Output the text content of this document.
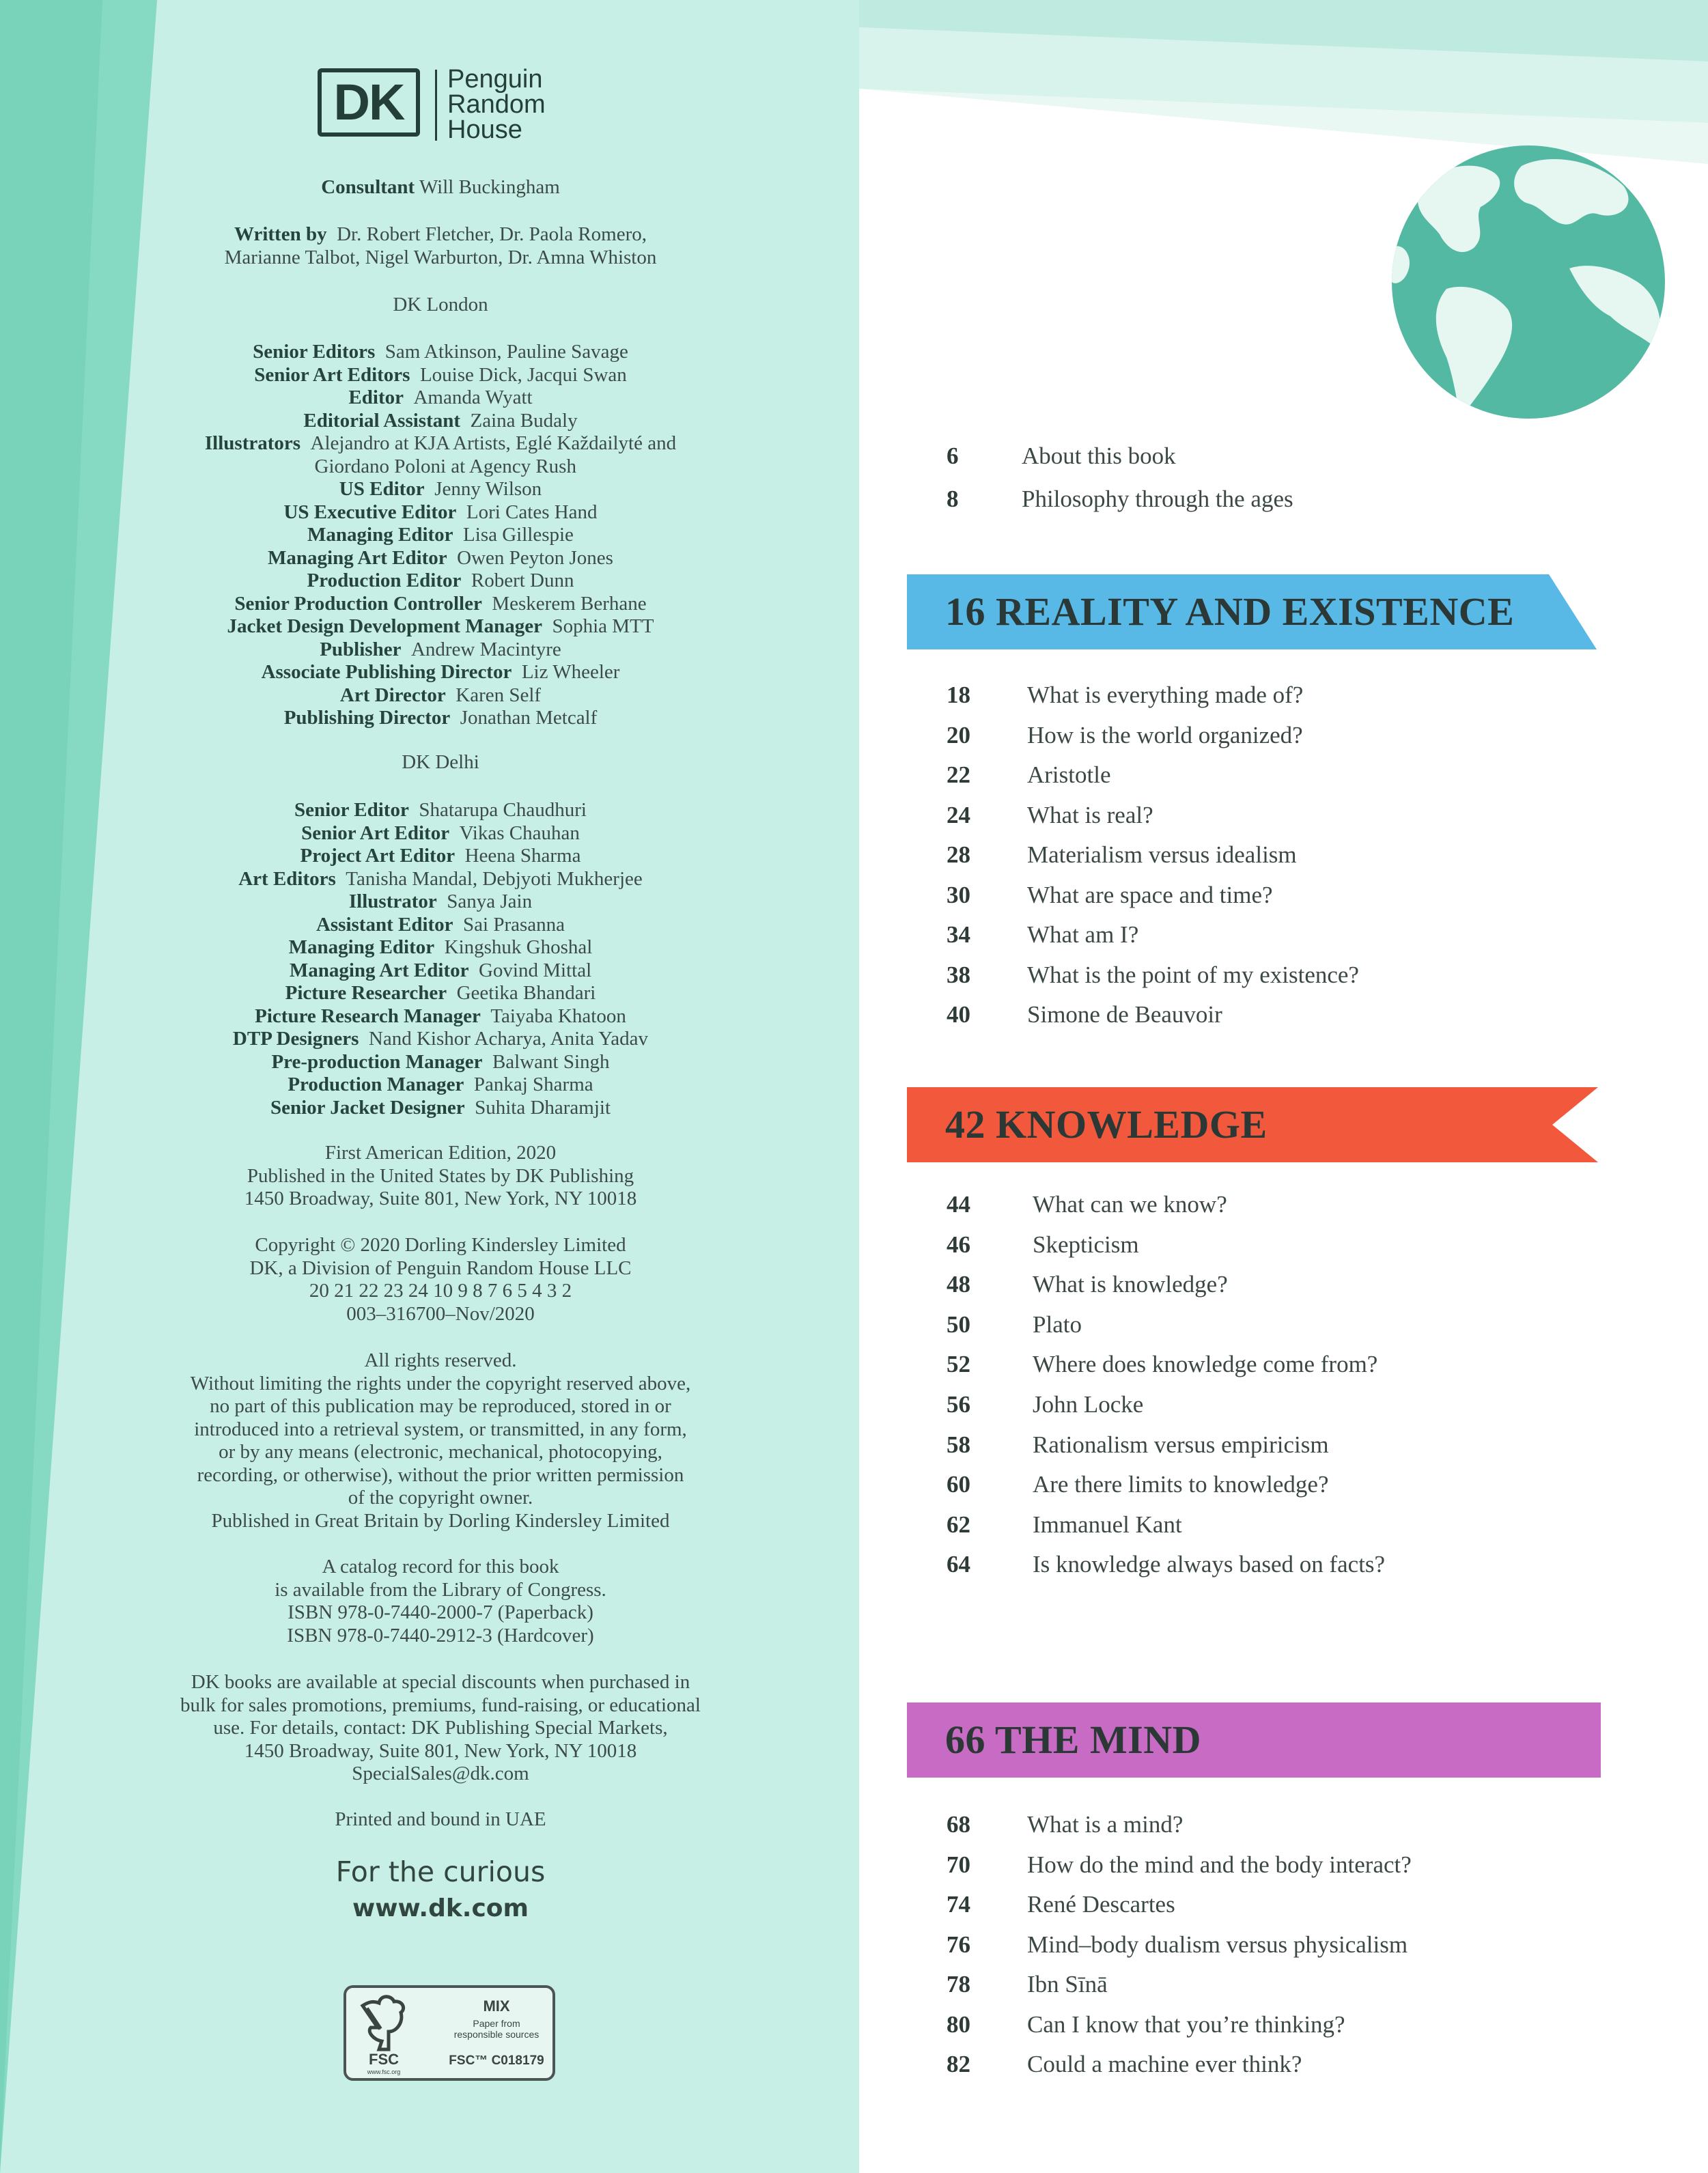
DK	Penguin
Random
House
Consultant Will Buckingham
Written by Dr. Robert Fletcher, Dr. Paola Romero,
Marianne Talbot, Nigel Warburton, Dr. Amna Whiston
DK London
Senior Editors Sam Atkinson, Pauline Savage
Senior Art Editors Louise Dick, Jacqui Swan
Editor Amanda Wyatt
Editorial Assistant Zaina Budaly
Illustrators Alejandro at KJA Artists, Eglé Každailyté and
Giordano Poloni at Agency Rush
US Editor Jenny Wilson
US Executive Editor Lori Cates Hand
Managing Editor Lisa Gillespie
Managing Art Editor Owen Peyton Jones
Production Editor Robert Dunn
Senior Production Controller Meskerem Berhane
Jacket Design Development Manager Sophia MTT
Publisher Andrew Macintyre
Associate Publishing Director Liz Wheeler
Art Director Karen Self
Publishing Director Jonathan Metcalf
DK Delhi
Senior Editor Shatarupa Chaudhuri
Senior Art Editor Vikas Chauhan
Project Art Editor Heena Sharma
Art Editors Tanisha Mandal, Debjyoti Mukherjee
Illustrator Sanya Jain
Assistant Editor Sai Prasanna
Managing Editor Kingshuk Ghoshal
Managing Art Editor Govind Mittal
Picture Researcher Geetika Bhandari
Picture Research Manager Taiyaba Khatoon
DTP Designers Nand Kishor Acharya, Anita Yadav
Pre-production Manager Balwant Singh
Production Manager Pankaj Sharma
Senior Jacket Designer Suhita Dharamjit
First American Edition, 2020
Published in the United States by DK Publishing
1450 Broadway, Suite 801, New York, NY 10018
Copyright © 2020 Dorling Kindersley Limited
DK, a Division of Penguin Random House LLC
20 21 22 23 24 10 9 8 7 6 5 4 3 2
003–316700–Nov/2020
All rights reserved.
Without limiting the rights under the copyright reserved above,
no part of this publication may be reproduced, stored in or
introduced into a retrieval system, or transmitted, in any form,
or by any means (electronic, mechanical, photocopying,
recording, or otherwise), without the prior written permission
of the copyright owner.
Published in Great Britain by Dorling Kindersley Limited
A catalog record for this book
is available from the Library of Congress.
ISBN 978-0-7440-2000-7 (Paperback)
ISBN 978-0-7440-2912-3 (Hardcover)
DK books are available at special discounts when purchased in
bulk for sales promotions, premiums, fund-raising, or educational
use. For details, contact: DK Publishing Special Markets,
1450 Broadway, Suite 801, New York, NY 10018
SpecialSales@dk.com
Printed and bound in UAE
For the curious
www.dk.com
FSC
www.fsc.org
MIX
Paper from
responsible sources
FSC™ C018179
6	About this book
8	Philosophy through the ages
16 REALITY AND EXISTENCE
18 What is everything made of?
20 How is the world organized?
22 Aristotle
24 What is real?
28 Materialism versus idealism
30 What are space and time?
34 What am I?
38 What is the point of my existence?
40 Simone de Beauvoir
42 KNOWLEDGE
44	What can we know?
46	Skepticism
48	What is knowledge?
50	Plato
52	Where does knowledge come from?
56	John Locke
58	Rationalism versus empiricism
60	Are there limits to knowledge?
62	Immanuel Kant
64	Is knowledge always based on facts?
66 THE MIND
68 What is a mind?
70 How do the mind and the body interact?
74 René Descartes
76 Mind–body dualism versus physicalism
78 Ibn Sīnā
80 Can I know that you’re thinking?
82 Could a machine ever think?
